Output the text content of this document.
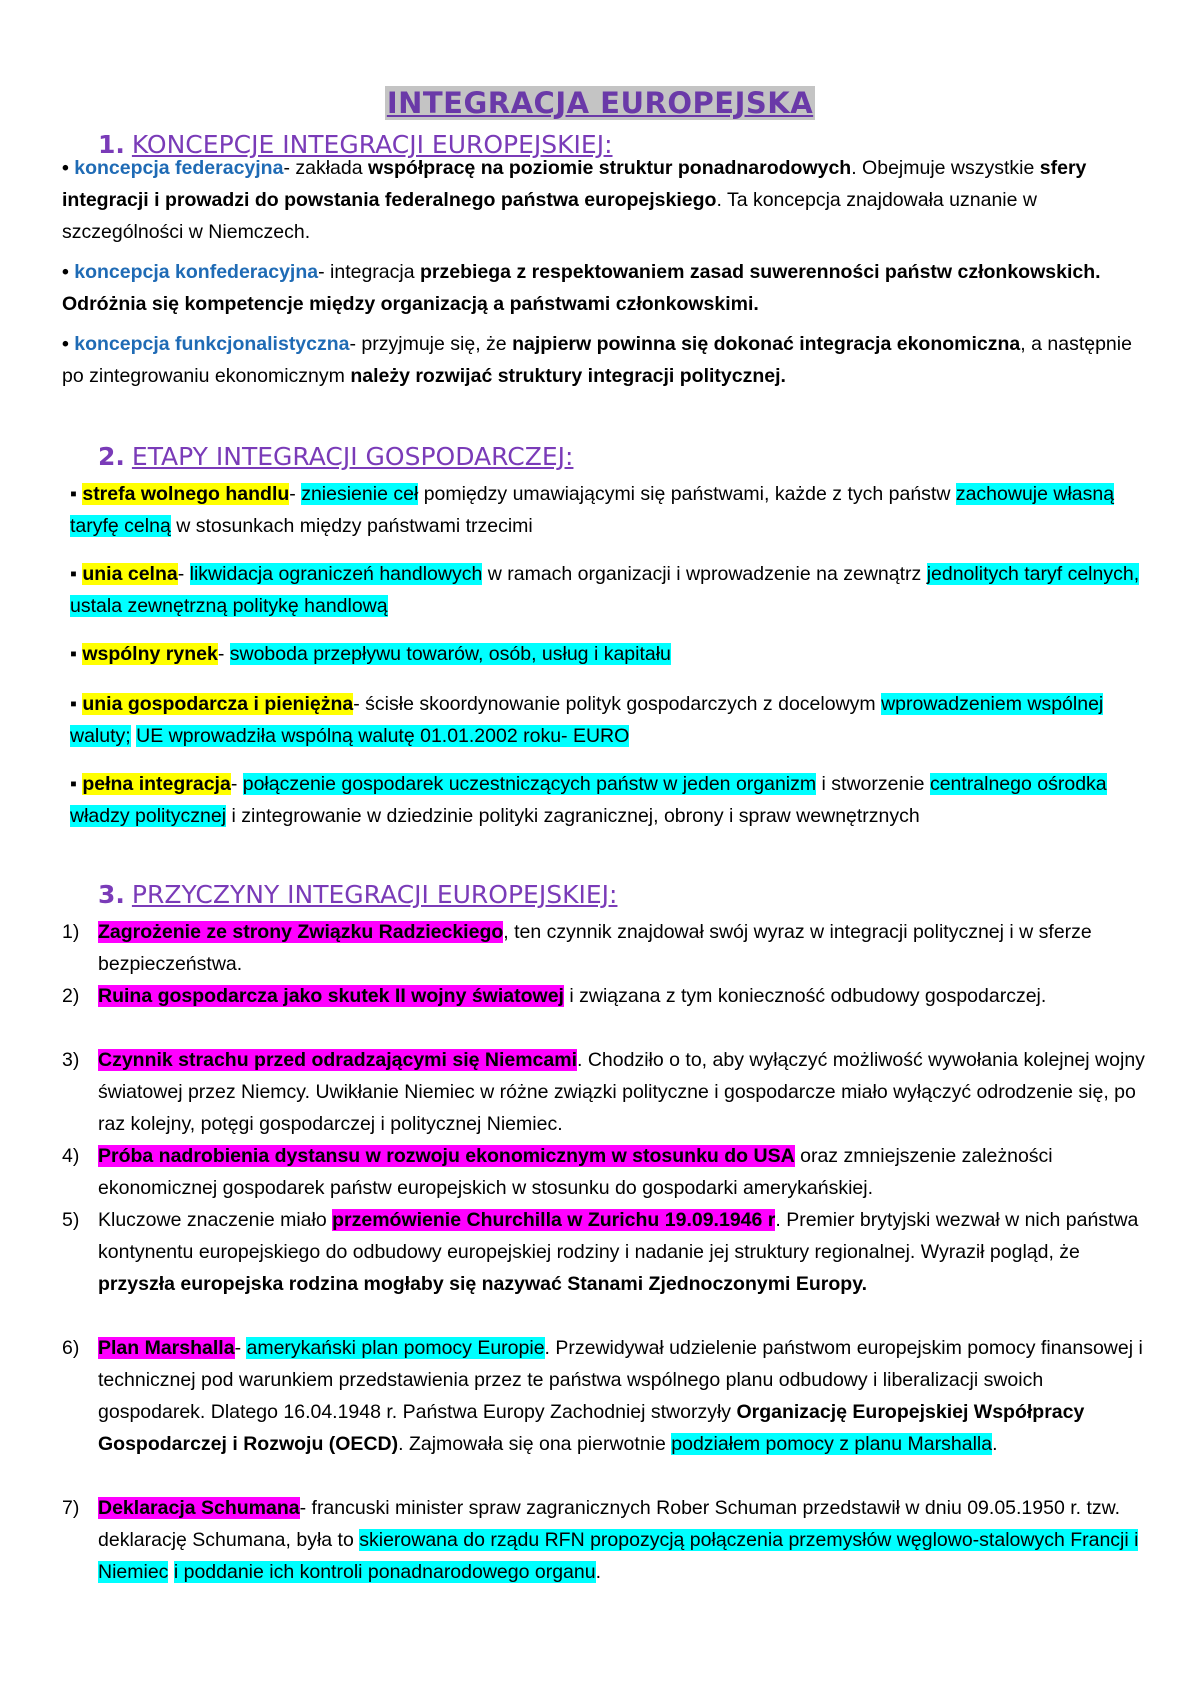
INTEGRACJA EUROPEJSKA
1. KONCEPCJE INTEGRACJI EUROPEJSKIEJ:
• koncepcja federacyjna- zakłada współpracę na poziomie struktur ponadnarodowych. Obejmuje wszystkie sfery integracji i prowadzi do powstania federalnego państwa europejskiego. Ta koncepcja znajdowała uznanie w szczególności w Niemczech.
• koncepcja konfederacyjna- integracja przebiega z respektowaniem zasad suwerenności państw członkowskich. Odróżnia się kompetencje między organizacją a państwami członkowskimi.
• koncepcja funkcjonalistyczna- przyjmuje się, że najpierw powinna się dokonać integracja ekonomiczna, a następnie po zintegrowaniu ekonomicznym należy rozwijać struktury integracji politycznej.
2. ETAPY INTEGRACJI GOSPODARCZEJ:
▪ strefa wolnego handlu- zniesienie ceł pomiędzy umawiającymi się państwami, każde z tych państw zachowuje własną taryfę celną w stosunkach między państwami trzecimi
▪ unia celna- likwidacja ograniczeń handlowych w ramach organizacji i wprowadzenie na zewnątrz jednolitych taryf celnych, ustala zewnętrzną politykę handlową
▪ wspólny rynek- swoboda przepływu towarów, osób, usług i kapitału
▪ unia gospodarcza i pieniężna- ścisłe skoordynowanie polityk gospodarczych z docelowym wprowadzeniem wspólnej waluty; UE wprowadziła wspólną walutę 01.01.2002 roku- EURO
▪ pełna integracja- połączenie gospodarek uczestniczących państw w jeden organizm i stworzenie centralnego ośrodka władzy politycznej i zintegrowanie w dziedzinie polityki zagranicznej, obrony i spraw wewnętrznych
3. PRZYCZYNY INTEGRACJI EUROPEJSKIEJ:
1) Zagrożenie ze strony Związku Radzieckiego, ten czynnik znajdował swój wyraz w integracji politycznej i w sferze bezpieczeństwa.
2) Ruina gospodarcza jako skutek II wojny światowej i związana z tym konieczność odbudowy gospodarczej.
3) Czynnik strachu przed odradzającymi się Niemcami. Chodziło o to, aby wyłączyć możliwość wywołania kolejnej wojny światowej przez Niemcy. Uwikłanie Niemiec w różne związki polityczne i gospodarcze miało wyłączyć odrodzenie się, po raz kolejny, potęgi gospodarczej i politycznej Niemiec.
4) Próba nadrobienia dystansu w rozwoju ekonomicznym w stosunku do USA oraz zmniejszenie zależności ekonomicznej gospodarek państw europejskich w stosunku do gospodarki amerykańskiej.
5) Kluczowe znaczenie miało przemówienie Churchilla w Zurichu 19.09.1946 r. Premier brytyjski wezwał w nich państwa kontynentu europejskiego do odbudowy europejskiej rodziny i nadanie jej struktury regionalnej. Wyraził pogląd, że przyszła europejska rodzina mogłaby się nazywać Stanami Zjednoczonymi Europy.
6) Plan Marshalla- amerykański plan pomocy Europie. Przewidywał udzielenie państwom europejskim pomocy finansowej i technicznej pod warunkiem przedstawienia przez te państwa wspólnego planu odbudowy i liberalizacji swoich gospodarek. Dlatego 16.04.1948 r. Państwa Europy Zachodniej stworzyły Organizację Europejskiej Współpracy Gospodarczej i Rozwoju (OECD). Zajmowała się ona pierwotnie podziałem pomocy z planu Marshalla.
7) Deklaracja Schumana- francuski minister spraw zagranicznych Rober Schuman przedstawił w dniu 09.05.1950 r. tzw. deklarację Schumana, była to skierowana do rządu RFN propozycją połączenia przemysłów węglowo-stalowych Francji i Niemiec i poddanie ich kontroli ponadnarodowego organu.
